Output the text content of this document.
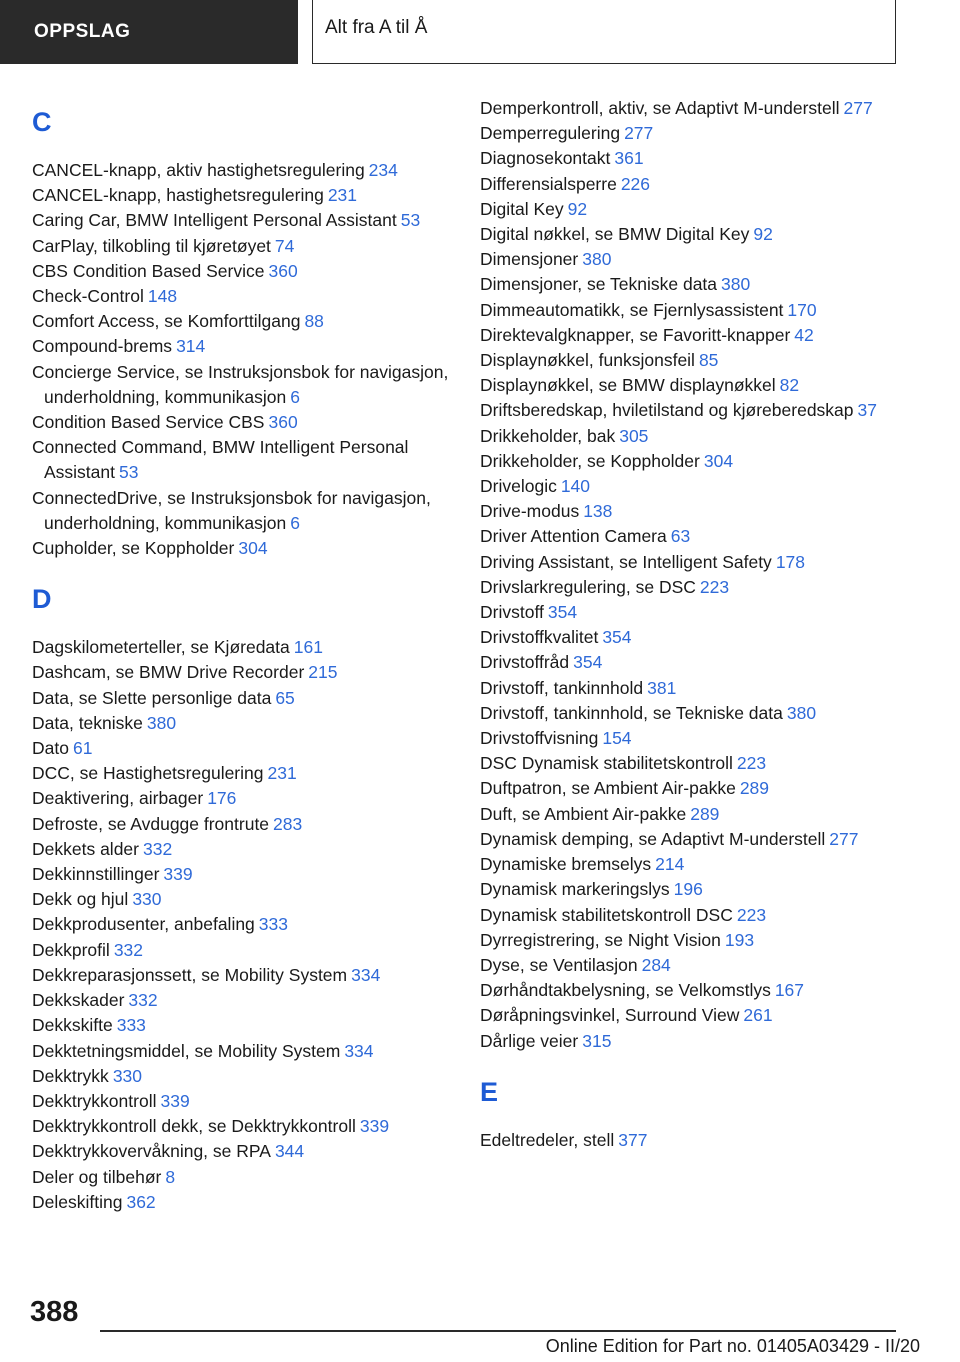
OPPSLAG	Alt fra A til Å
C
CANCEL-knapp, aktiv hastighetsregulering 234
CANCEL-knapp, hastighetsregulering 231
Caring Car, BMW Intelligent Personal Assistant 53
CarPlay, tilkobling til kjøretøyet 74
CBS Condition Based Service 360
Check-Control 148
Comfort Access, se Komforttilgang 88
Compound-brems 314
Concierge Service, se Instruksjonsbok for navigasjon, underholdning, kommunikasjon 6
Condition Based Service CBS 360
Connected Command, BMW Intelligent Personal Assistant 53
ConnectedDrive, se Instruksjonsbok for navigasjon, underholdning, kommunikasjon 6
Cupholder, se Koppholder 304
D
Dagskilometerteller, se Kjøredata 161
Dashcam, se BMW Drive Recorder 215
Data, se Slette personlige data 65
Data, tekniske 380
Dato 61
DCC, se Hastighetsregulering 231
Deaktivering, airbager 176
Defroste, se Avdugge frontrute 283
Dekkets alder 332
Dekkinnstillinger 339
Dekk og hjul 330
Dekkprodusenter, anbefaling 333
Dekkprofil 332
Dekkreparasjonssett, se Mobility System 334
Dekkskader 332
Dekkskifte 333
Dekktetningsmiddel, se Mobility System 334
Dekktrykk 330
Dekktrykkontroll 339
Dekktrykkontroll dekk, se Dekktrykkontroll 339
Dekktrykkovervåkning, se RPA 344
Deler og tilbehør 8
Deleskifting 362
Demperkontroll, aktiv, se Adaptivt M-understell 277
Demperregulering 277
Diagnosekontakt 361
Differensialsperre 226
Digital Key 92
Digital nøkkel, se BMW Digital Key 92
Dimensjoner 380
Dimensjoner, se Tekniske data 380
Dimmeautomatikk, se Fjernlysassistent 170
Direktevalgknapper, se Favoritt-knapper 42
Displaynøkkel, funksjonsfeil 85
Displaynøkkel, se BMW displaynøkkel 82
Driftsberedskap, hviletilstand og kjøreberedskap 37
Drikkeholder, bak 305
Drikkeholder, se Koppholder 304
Drivelogic 140
Drive-modus 138
Driver Attention Camera 63
Driving Assistant, se Intelligent Safety 178
Drivslarkregulering, se DSC 223
Drivstoff 354
Drivstoffkvalitet 354
Drivstoffråd 354
Drivstoff, tankinnhold 381
Drivstoff, tankinnhold, se Tekniske data 380
Drivstoffvisning 154
DSC Dynamisk stabilitetskontroll 223
Duftpatron, se Ambient Air-pakke 289
Duft, se Ambient Air-pakke 289
Dynamisk demping, se Adaptivt M-understell 277
Dynamiske bremselys 214
Dynamisk markeringslys 196
Dynamisk stabilitetskontroll DSC 223
Dyrregistrering, se Night Vision 193
Dyse, se Ventilasjon 284
Dørhåndtakbelysning, se Velkomstlys 167
Døråpningsvinkel, Surround View 261
Dårlige veier 315
E
Edeltredeler, stell 377
388
Online Edition for Part no. 01405A03429 - II/20
